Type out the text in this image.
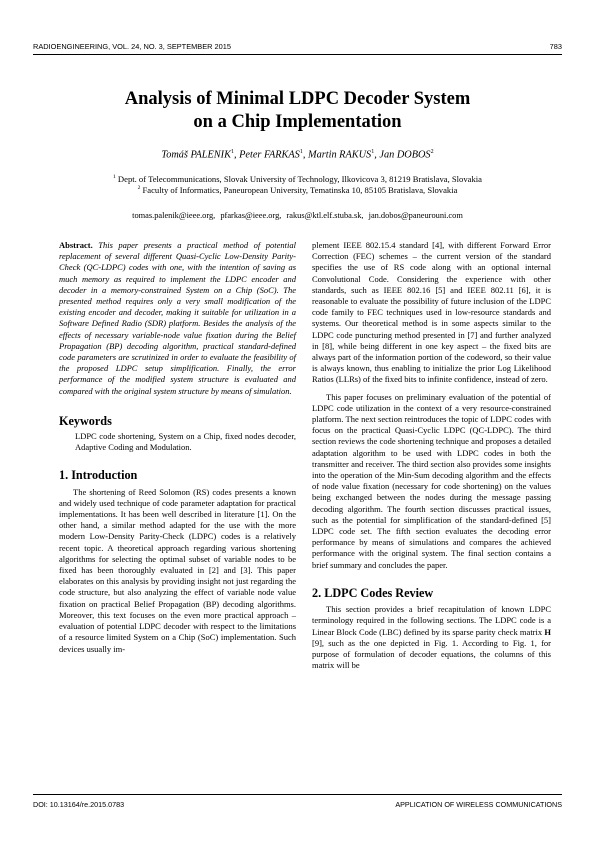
RADIOENGINEERING, VOL. 24, NO. 3, SEPTEMBER 2015	783
Analysis of Minimal LDPC Decoder System
on a Chip Implementation
Tomáš PALENIK$^1$, Peter FARKAS$^1$, Martin RAKUS$^1$, Jan DOBOS$^2$
$^1$ Dept. of Telecommunications, Slovak University of Technology, Ilkovicova 3, 81219 Bratislava, Slovakia
$^2$ Faculty of Informatics, Paneuropean University, Tematinska 10, 85105 Bratislava, Slovakia
tomas.palenik@ieee.org, pfarkas@ieee.org, rakus@ktl.elf.stuba.sk, jan.dobos@paneurouni.com

Abstract. This paper presents a practical method of potential replacement of several different Quasi-Cyclic Low-Density Parity-Check (QC-LDPC) codes with one, with the intention of saving as much memory as required to implement the LDPC encoder and decoder in a memory-constrained System on a Chip (SoC). The presented method requires only a very small modification of the existing encoder and decoder, making it suitable for utilization in a Software Defined Radio (SDR) platform. Besides the analysis of the effects of necessary variable-node value fixation during the Belief Propagation (BP) decoding algorithm, practical standard-defined code parameters are scrutinized in order to evaluate the feasibility of the proposed LDPC setup simplification. Finally, the error performance of the modified system structure is evaluated and compared with the original system structure by means of simulation.

Keywords

LDPC code shortening, System on a Chip, fixed nodes decoder, Adaptive Coding and Modulation.

1. Introduction

The shortening of Reed Solomon (RS) codes presents a known and widely used technique of code parameter adaptation for practical implementations. It has been well described in literature [1]. On the other hand, a similar method adapted for the use with the more modern Low-Density Parity-Check (LDPC) codes is a relatively recent topic. A theoretical approach regarding various shortening algorithms for selecting the optimal subset of variable nodes to be fixed has been thoroughly evaluated in [2] and [3]. This paper elaborates on this analysis by providing insight not just regarding the code structure, but also analyzing the effect of variable node value fixation on practical Belief Propagation (BP) decoding algorithms. Moreover, this text focuses on the even more practical approach – evaluation of potential LDPC decoder with respect to the limitations of a resource limited System on a Chip (SoC) implementation. Such devices usually im-

plement IEEE 802.15.4 standard [4], with different Forward Error Correction (FEC) schemes – the current version of the standard specifies the use of RS code along with an optional internal Convolutional Code. Considering the experience with other standards, such as IEEE 802.16 [5] and IEEE 802.11 [6], it is reasonable to evaluate the possibility of future inclusion of the LDPC code family to FEC techniques used in low-resource standards and systems. Our theoretical method is in some aspects similar to the LDPC code puncturing method presented in [7] and further analyzed in [8], while being different in one key aspect – the fixed bits are always part of the information portion of the codeword, so their value is always known, thus enabling to initialize the prior Log Likelihood Ratios (LLRs) of the fixed bits to infinite confidence, instead of zero.

This paper focuses on preliminary evaluation of the potential of LDPC code utilization in the context of a very resource-constrained platform. The next section reintroduces the topic of LDPC codes with focus on the practical Quasi-Cyclic LDPC (QC-LDPC). The third section reviews the code shortening technique and proposes a detailed adaptation algorithm to be used with LDPC codes in both the transmitter and receiver. The third section also provides some insights into the operation of the Min-Sum decoding algorithm and the effects of node value fixation (necessary for code shortening) on the values being exchanged between the nodes during the message passing decoding algorithm. The fourth section discusses practical issues, such as the potential for simplification of the standard-defined [5] LDPC code set. The fifth section evaluates the decoding error performance by means of simulations and compares the achieved performance with the original system. The final section contains a brief summary and concludes the paper.

2. LDPC Codes Review

This section provides a brief recapitulation of known LDPC terminology required in the following sections. The LDPC code is a Linear Block Code (LBC) defined by its sparse parity check matrix H [9], such as the one depicted in Fig. 1. According to Fig. 1, for purpose of formulation of decoder equations, the columns of this matrix will be

DOI: 10.13164/re.2015.0783	APPLICATION OF WIRELESS COMMUNICATIONS
